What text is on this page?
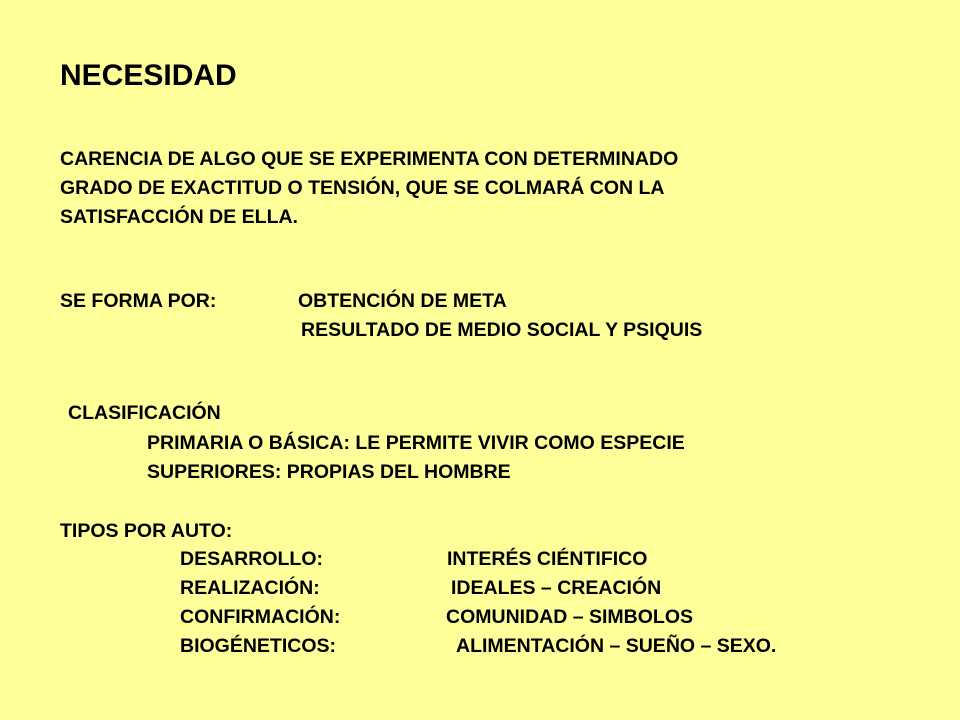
NECESIDAD
CARENCIA DE ALGO QUE SE EXPERIMENTA CON DETERMINADO
GRADO DE EXACTITUD O TENSIÓN, QUE SE COLMARÁ CON LA
SATISFACCIÓN DE ELLA.
SE FORMA POR:	OBTENCIÓN DE META
RESULTADO DE MEDIO SOCIAL Y PSIQUIS
CLASIFICACIÓN
PRIMARIA O BÁSICA: LE PERMITE VIVIR COMO ESPECIE
SUPERIORES: PROPIAS DEL HOMBRE
TIPOS POR AUTO:
DESARROLLO:	INTERÉS CIÉNTIFICO
REALIZACIÓN:	IDEALES – CREACIÓN
CONFIRMACIÓN:	COMUNIDAD – SIMBOLOS
BIOGÉNETICOS:	ALIMENTACIÓN – SUEÑO – SEXO.
